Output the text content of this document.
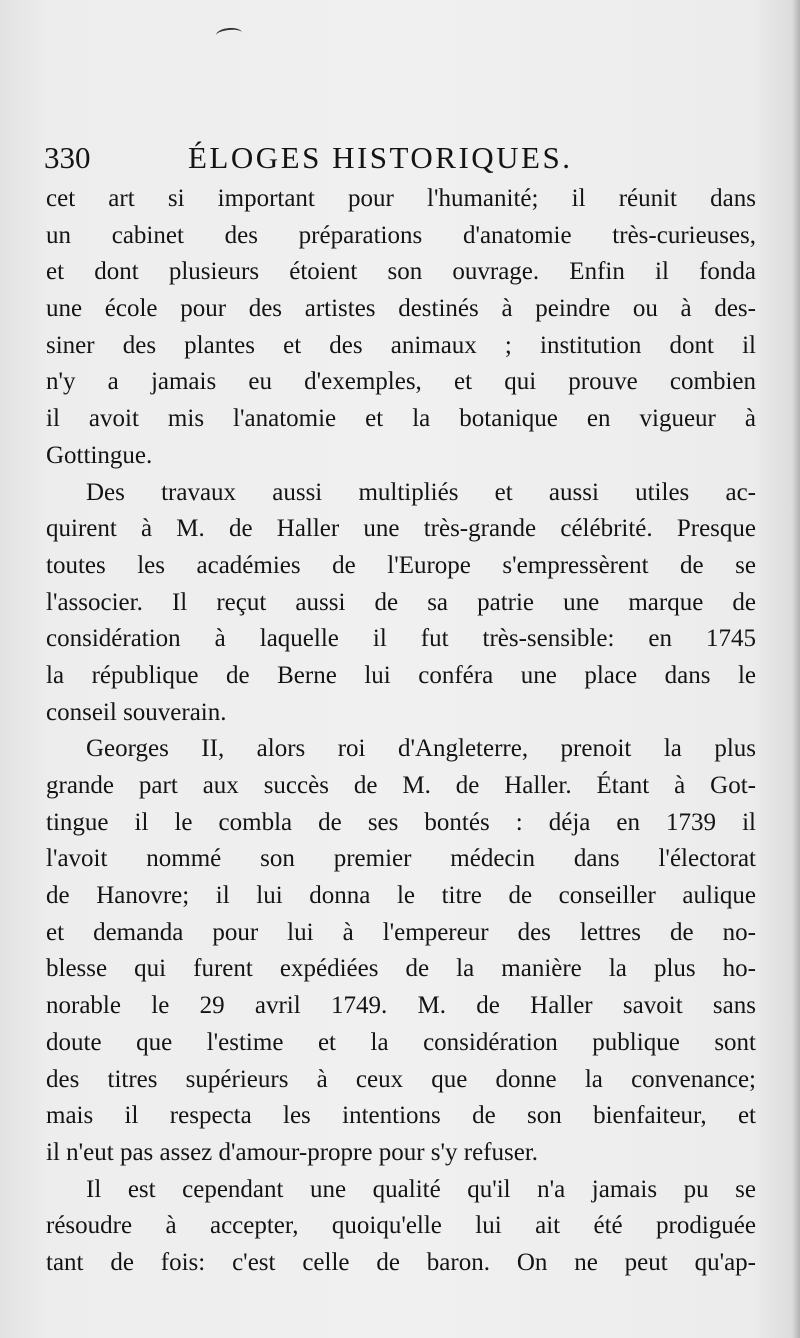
330	ÉLOGES HISTORIQUES.
cet art si important pour l'humanité; il réunit dans
un cabinet des préparations d'anatomie très-curieuses,
et dont plusieurs étoient son ouvrage. Enfin il fonda
une école pour des artistes destinés à peindre ou à des-
siner des plantes et des animaux ; institution dont il
n'y a jamais eu d'exemples, et qui prouve combien
il avoit mis l'anatomie et la botanique en vigueur à
Gottingue.
Des travaux aussi multipliés et aussi utiles ac-
quirent à M. de Haller une très-grande célébrité. Presque
toutes les académies de l'Europe s'empressèrent de se
l'associer. Il reçut aussi de sa patrie une marque de
considération à laquelle il fut très-sensible: en 1745
la république de Berne lui conféra une place dans le
conseil souverain.
Georges II, alors roi d'Angleterre, prenoit la plus
grande part aux succès de M. de Haller. Étant à Got-
tingue il le combla de ses bontés : déja en 1739 il
l'avoit nommé son premier médecin dans l'électorat
de Hanovre; il lui donna le titre de conseiller aulique
et demanda pour lui à l'empereur des lettres de no-
blesse qui furent expédiées de la manière la plus ho-
norable le 29 avril 1749. M. de Haller savoit sans
doute que l'estime et la considération publique sont
des titres supérieurs à ceux que donne la convenance;
mais il respecta les intentions de son bienfaiteur, et
il n'eut pas assez d'amour-propre pour s'y refuser.
Il est cependant une qualité qu'il n'a jamais pu se
résoudre à accepter, quoiqu'elle lui ait été prodiguée
tant de fois: c'est celle de baron. On ne peut qu'ap-
